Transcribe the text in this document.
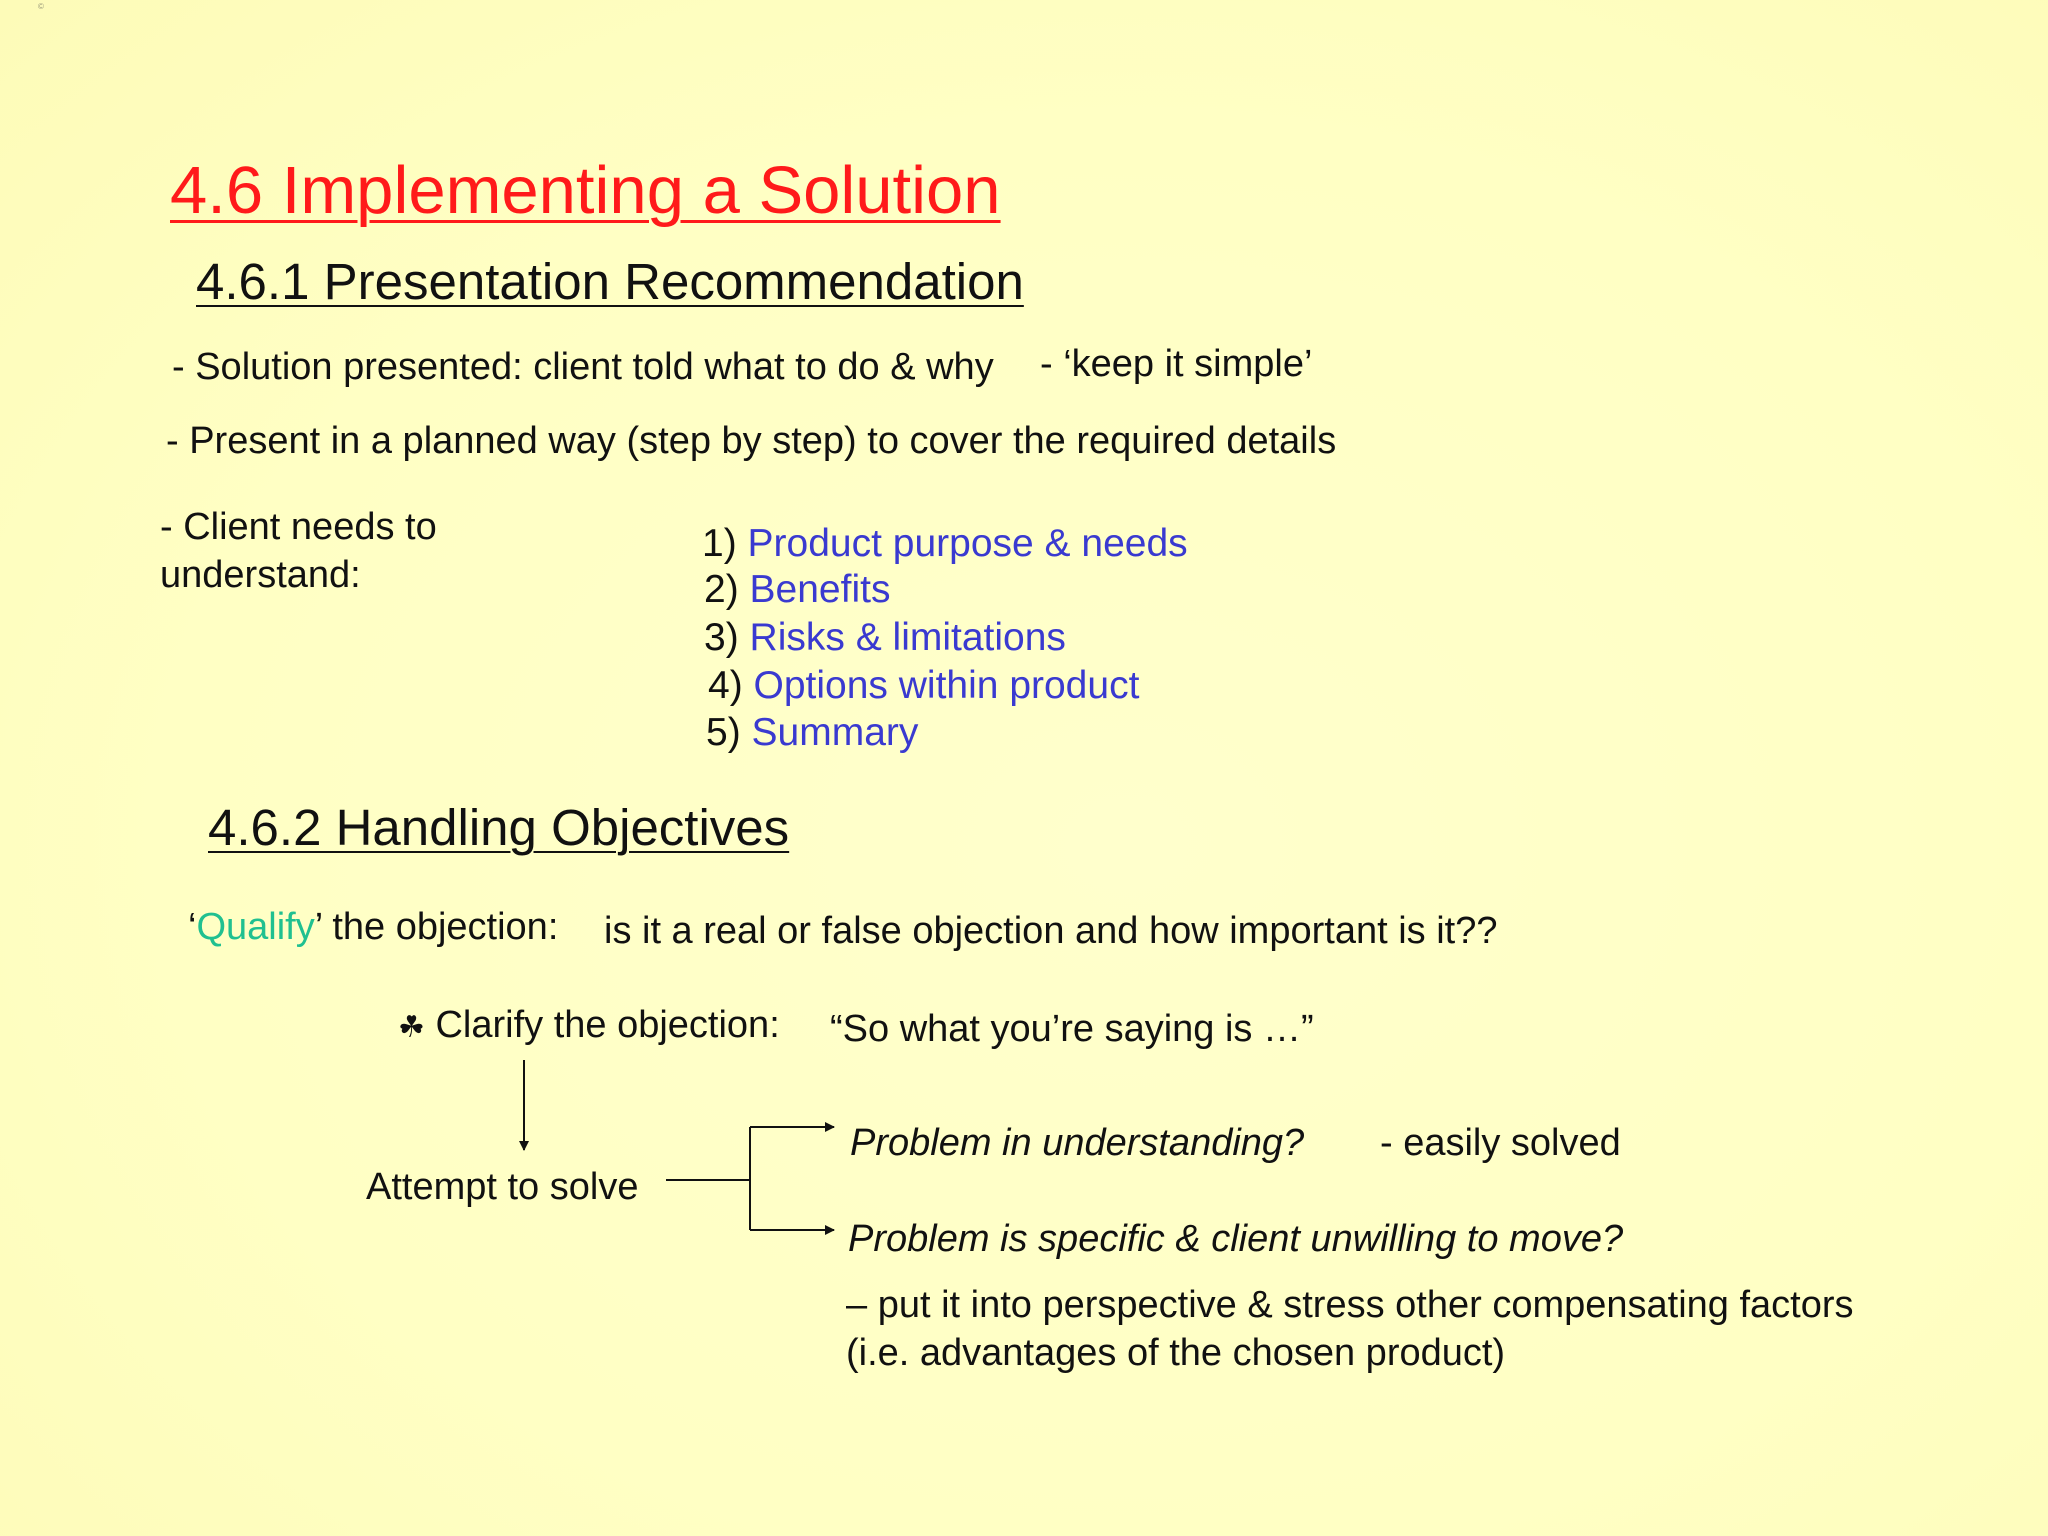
©
4.6 Implementing a Solution
4.6.1 Presentation Recommendation
- Solution presented: client told what to do & why - ‘keep it simple’
- Present in a planned way (step by step) to cover the required details
- Client needs to
understand:
1) Product purpose & needs
2) Benefits
3) Risks & limitations
4) Options within product
5) Summary
4.6.2 Handling Objectives
‘Qualify’ the objection: is it a real or false objection and how important is it??
☘ Clarify the objection: “So what you’re saying is …”
Attempt to solve
Problem in understanding? - easily solved
Problem is specific & client unwilling to move?
– put it into perspective & stress other compensating factors
(i.e. advantages of the chosen product)
